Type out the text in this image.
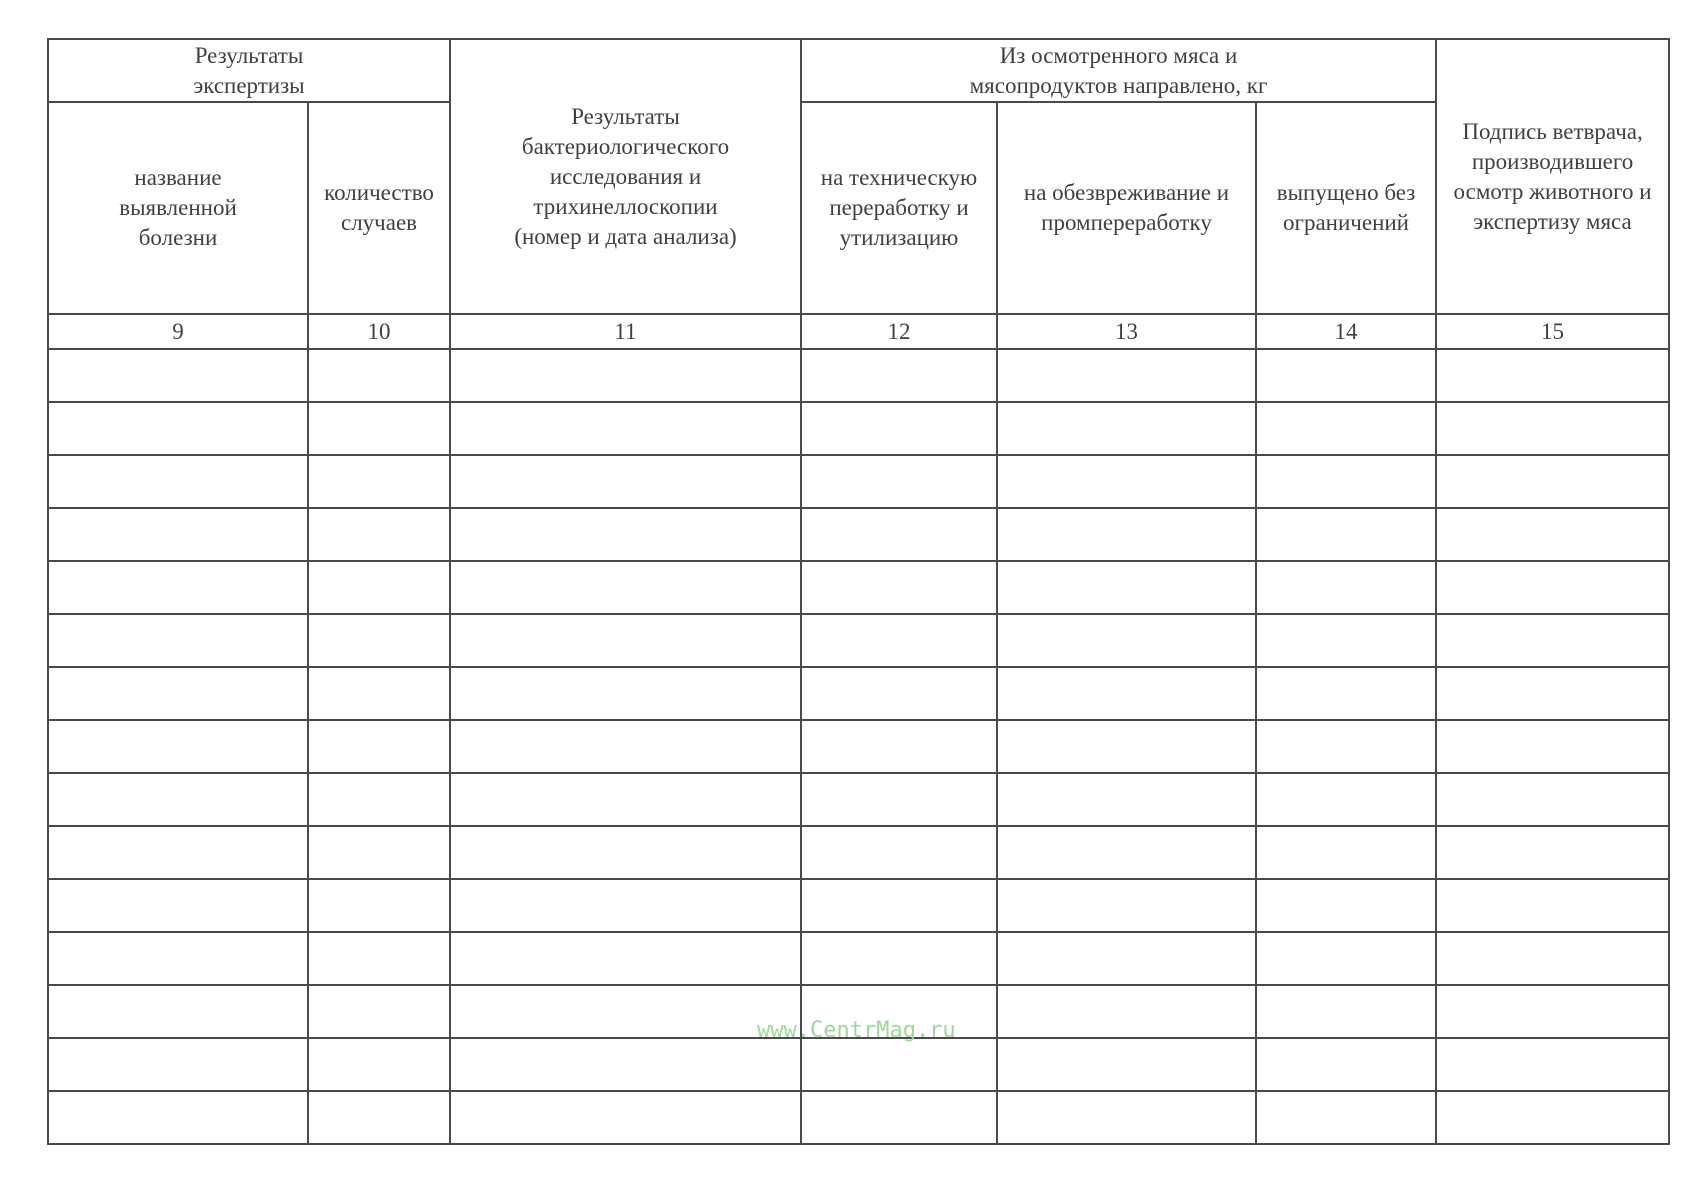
Результаты экспертизы		Результаты бактериологического исследования и трихинеллоскопии (номер и дата анализа)	Из осмотренного мяса и мясопродуктов направлено, кг			Подпись ветврача, производившего осмотр животного и экспертизу мяса
название выявленной болезни	количество случаев		на техническую переработку и утилизацию	на обезвреживание и промпереработку	выпущено без ограничений	
9	10	11	12	13	14	15

www.CentrMag.ru
